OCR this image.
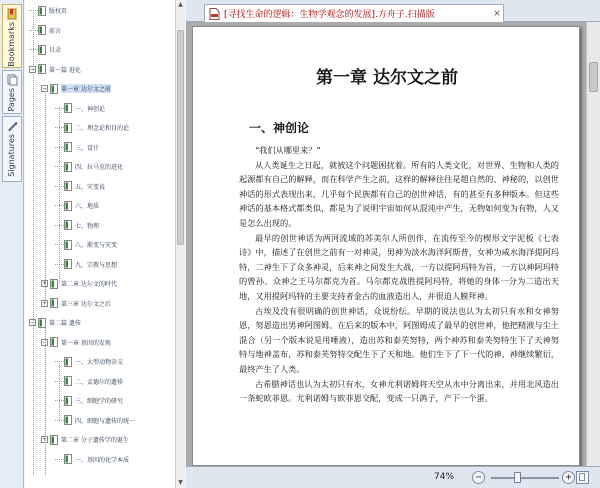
Bookmarks
Pages
Signatures
版权页
前言
目录
− 第一篇 进化
− 第一章 达尔文之前
一、神创论
二、理念论和目的论
三、设计
四、拉马克的进化
五、灾变说
六、地质
七、物理
八、渐变与灾变
九、宗教与思想
+ 第二章 达尔文的时代
+ 第三章 达尔文之后
− 第二篇 遗传
− 第一章 基因的发现
一、大型动物杂交
二、孟德尔的遗传
三、细胞学的研究
四、细胞与遗传的统一
+ 第二章 分子遗传学的诞生
一、基因的化学本质
▲
▼
[寻找生命的逻辑：生物学观念的发展].方舟子.扫描版	×
第一章 达尔文之前
一、神创论

“我们从哪里来？”

从人类诞生之日起，就被这个问题困扰着。所有的人类文化，对世界、生物和人类的起源都有自己的解释，而在科学产生之前，这样的解释往往是超自然的、神秘的，以创世神话的形式表现出来，几乎每个民族都有自己的创世神话，有的甚至有多种版本。但这些神话的基本格式都类似，都是为了说明宇宙如何从混沌中产生，无物如何变为有物，人又是怎么出现的。

最早的创世神话为两河流域的苏美尔人所创作，在流传至今的楔形文字泥板《七表诗》中，描述了在创世之前有一对神灵，男神为淡水海洋阿斯普，女神为咸水海洋提阿玛特，二神生下了众多神灵，后来神之间发生大战，一方以提阿玛特为首，一方以神阿玛特的曾孙、众神之王马尔都克为首。马尔都克战胜提阿玛特，将她的身体一分为二造出天地，又用提阿玛特的主要支持者金古的血液造出人，并很迫人膜拜神。

古埃及没有很明确的创世神话，众说纷纭。早期的说法也认为太初只有水和女神努恩，努恩造出男神阿图姆。在后来的版本中，阿图姆成了最早的创世神，他把精液与尘土混合（另一个版本说是用唾液），造出苏和泰芙努特，两个神苏和泰芙努特生下了天神努特与地神盖布，苏和泰芙努特交配生下了天和地。他们生下了下一代的神，神继续繁衍，最终产生了人类。

古希腊神话也认为太初只有水，女神尤利诺姆将天空从水中分离出来，并用北风造出一条蛇欧菲恩。尤利诺姆与欧菲恩交配，变成一只鸽子，产下一个蛋。

74%	−	+
